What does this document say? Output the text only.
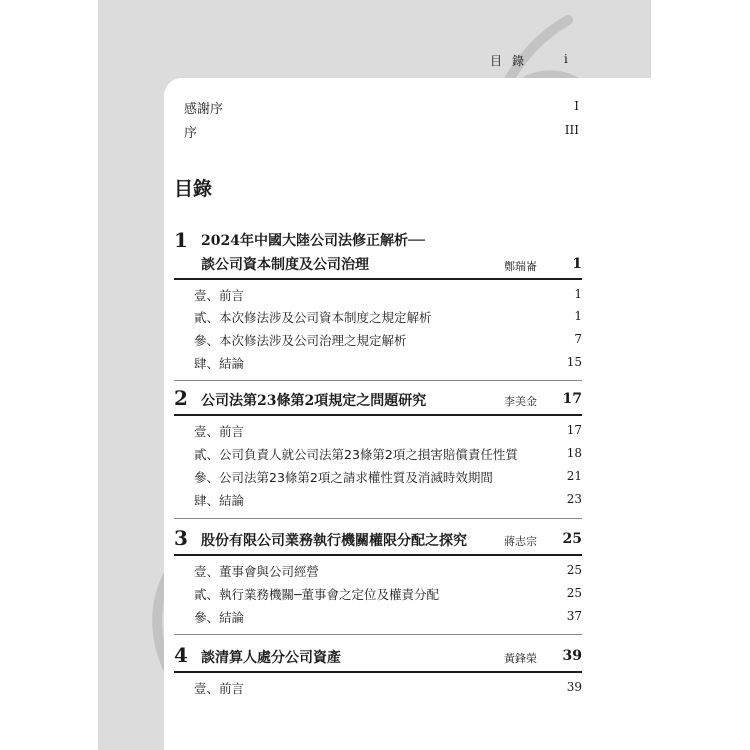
目錄 i
感謝序	I
序	III
目錄
1 2024年中國大陸公司法修正解析──
談公司資本制度及公司治理	鄭瑞崙	1
壹、前言	1
貳、本次修法涉及公司資本制度之規定解析	1
參、本次修法涉及公司治理之規定解析	7
肆、結論	15
2 公司法第23條第2項規定之問題研究	李美金 17
壹、前言	17
貳、公司負責人就公司法第23條第2項之損害賠償責任性質	18
參、公司法第23條第2項之請求權性質及消滅時效期間	21
肆、結論	23
3 股份有限公司業務執行機關權限分配之探究	蔣志宗 25
壹、董事會與公司經營	25
貳、執行業務機關─董事會之定位及權責分配	25
參、結論	37
4 談清算人處分公司資產	黃鋒榮 39
壹、前言	39
